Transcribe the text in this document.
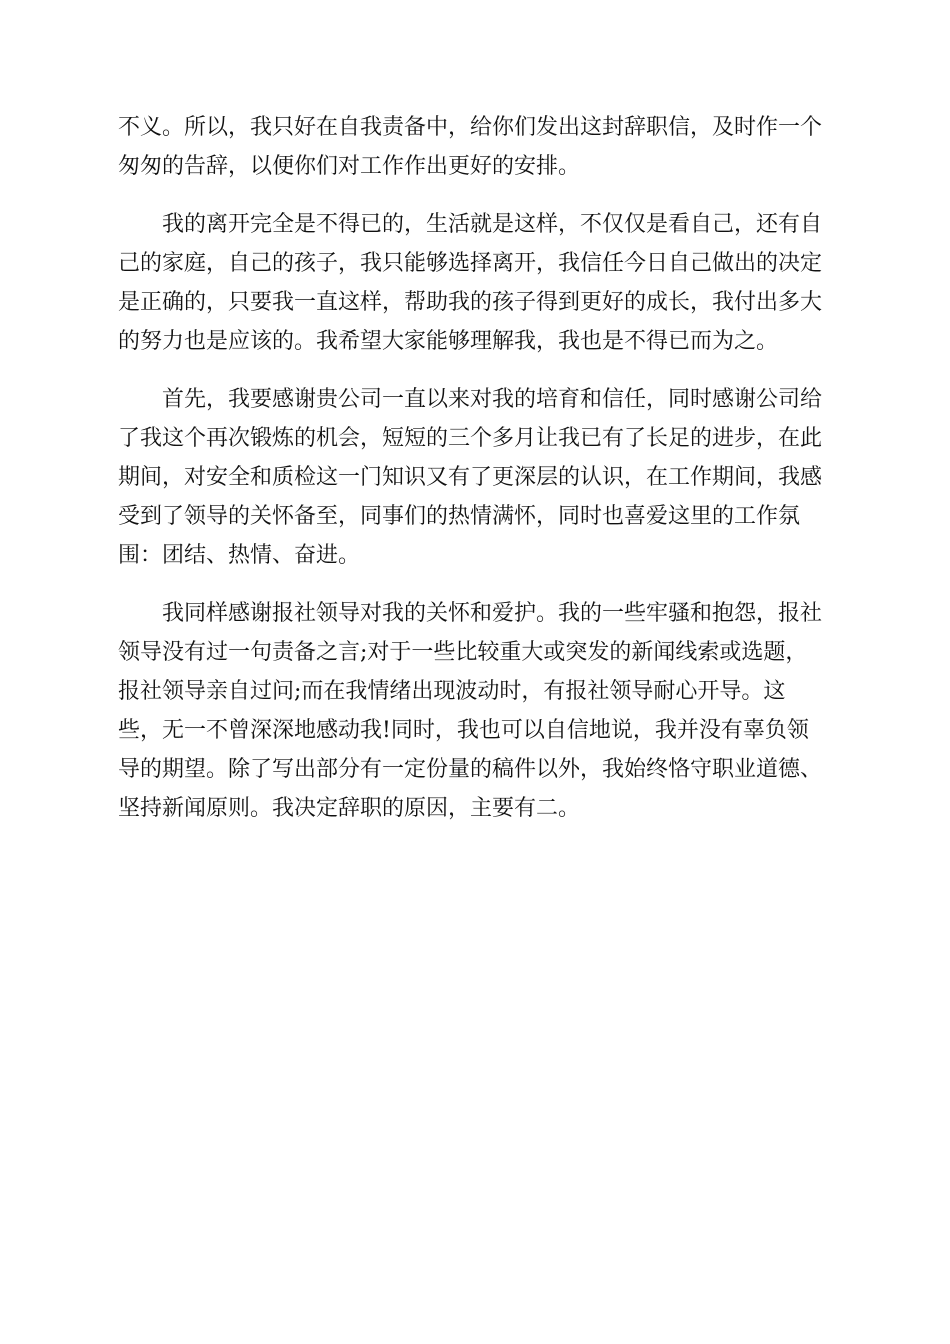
不义。所以，我只好在自我责备中，给你们发出这封辞职信，及时作一个

匆匆的告辞，以便你们对工作作出更好的安排。

我的离开完全是不得已的，生活就是这样，不仅仅是看自己，还有自

己的家庭，自己的孩子，我只能够选择离开，我信任今日自己做出的决定

是正确的，只要我一直这样，帮助我的孩子得到更好的成长，我付出多大

的努力也是应该的。我希望大家能够理解我，我也是不得已而为之。

首先，我要感谢贵公司一直以来对我的培育和信任，同时感谢公司给

了我这个再次锻炼的机会，短短的三个多月让我已有了长足的进步，在此

期间，对安全和质检这一门知识又有了更深层的认识，在工作期间，我感

受到了领导的关怀备至，同事们的热情满怀，同时也喜爱这里的工作氛

围：团结、热情、奋进。

我同样感谢报社领导对我的关怀和爱护。我的一些牢骚和抱怨，报社

领导没有过一句责备之言;对于一些比较重大或突发的新闻线索或选题，

报社领导亲自过问;而在我情绪出现波动时，有报社领导耐心开导。这

些，无一不曾深深地感动我!同时，我也可以自信地说，我并没有辜负领

导的期望。除了写出部分有一定份量的稿件以外，我始终恪守职业道德、

坚持新闻原则。我决定辞职的原因，主要有二。
